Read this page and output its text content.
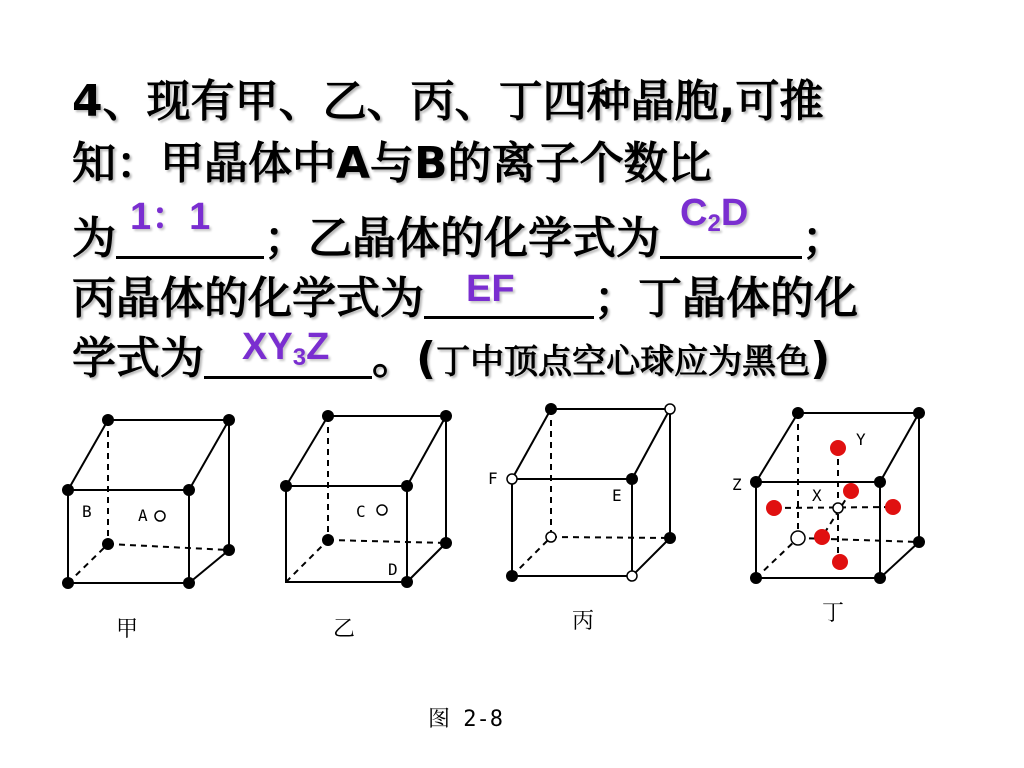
4、现有甲、乙、丙、丁四种晶胞,可推
知：甲晶体中A与B的离子个数比
为 1：1 ；乙晶体的化学式为 $C_2D$ ；
丙晶体的化学式为 EF ；丁晶体的化
学式为 $XY_3Z$ 。(丁中顶点空心球应为黑色)
B	A	C
D
F
E
Y
Z
X
甲	乙	丙	丁
图 2-8
